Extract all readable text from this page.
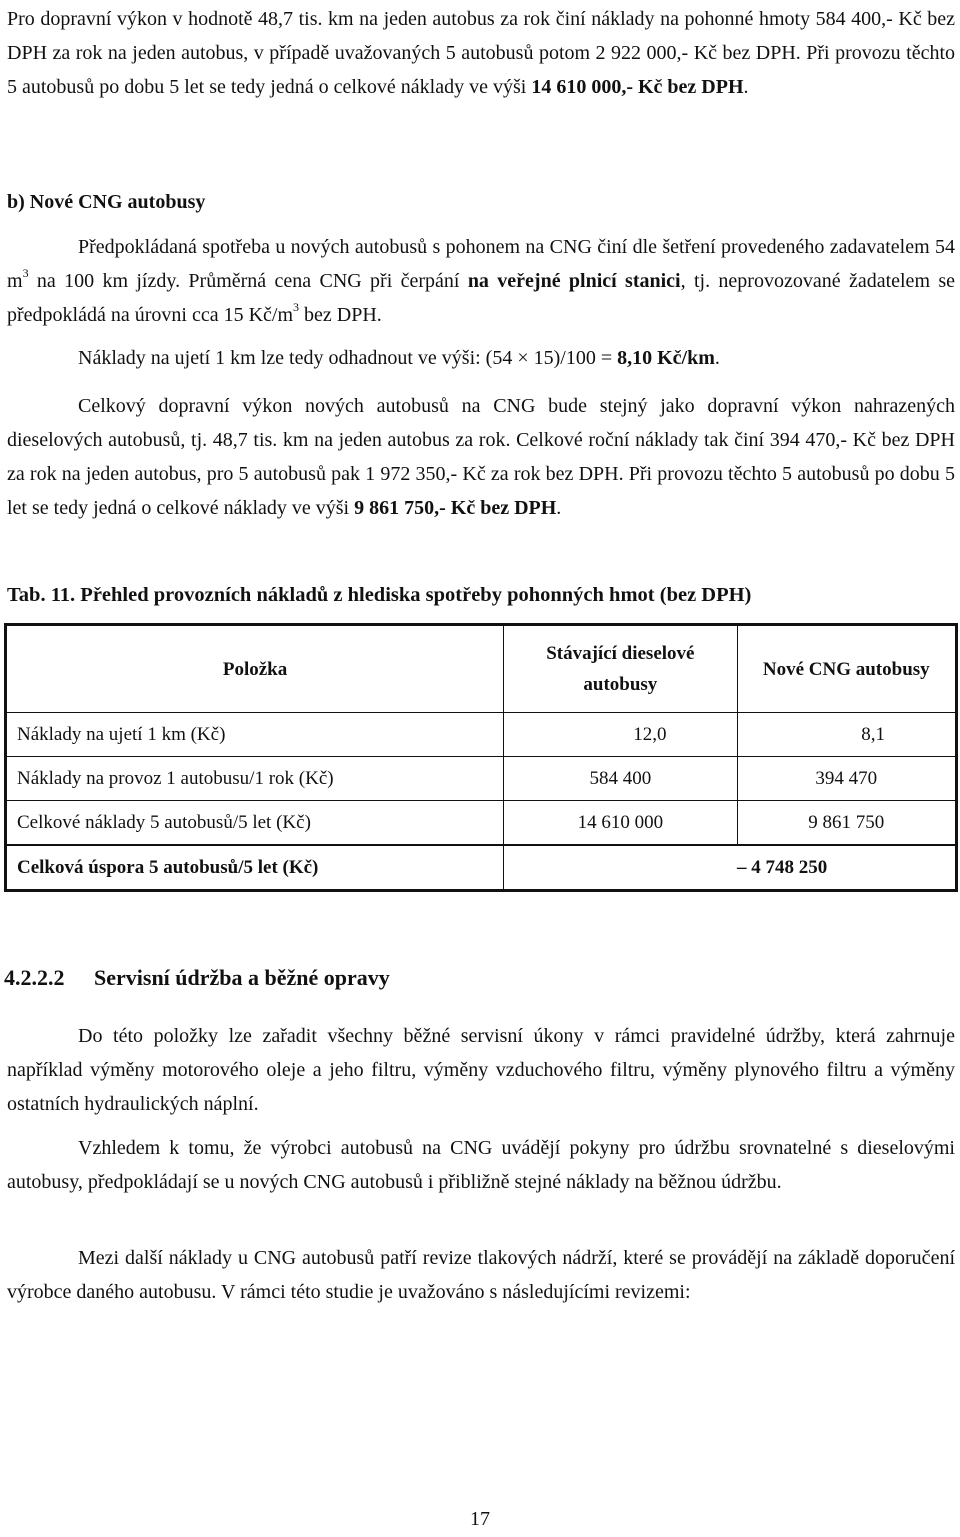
Pro dopravní výkon v hodnotě 48,7 tis. km na jeden autobus za rok činí náklady na pohonné hmoty 584 400,- Kč bez DPH za rok na jeden autobus, v případě uvažovaných 5 autobusů potom 2 922 000,- Kč bez DPH. Při provozu těchto 5 autobusů po dobu 5 let se tedy jedná o celkové náklady ve výši 14 610 000,- Kč bez DPH.

b) Nové CNG autobusy

Předpokládaná spotřeba u nových autobusů s pohonem na CNG činí dle šetření provedeného zadavatelem 54 $m^3$ na 100 km jízdy. Průměrná cena CNG při čerpání na veřejné plnicí stanici, tj. neprovozované žadatelem se předpokládá na úrovni cca 15 $Kč/m^3$ bez DPH.

Náklady na ujetí 1 km lze tedy odhadnout ve výši: (54 × 15)/100 = 8,10 Kč/km.

Celkový dopravní výkon nových autobusů na CNG bude stejný jako dopravní výkon nahrazených dieselových autobusů, tj. 48,7 tis. km na jeden autobus za rok. Celkové roční náklady tak činí 394 470,- Kč bez DPH za rok na jeden autobus, pro 5 autobusů pak 1 972 350,- Kč za rok bez DPH. Při provozu těchto 5 autobusů po dobu 5 let se tedy jedná o celkové náklady ve výši 9 861 750,- Kč bez DPH.

Tab. 11. Přehled provozních nákladů z hlediska spotřeby pohonných hmot (bez DPH)

Položka	Stávající dieselové autobusy	Nové CNG autobusy
Náklady na ujetí 1 km (Kč)	12,0	8,1
Náklady na provoz 1 autobusu/1 rok (Kč)	584 400	394 470
Celkové náklady 5 autobusů/5 let (Kč)	14 610 000	9 861 750
Celková úspora 5 autobusů/5 let (Kč)		– 4 748 250

4.2.2.2 Servisní údržba a běžné opravy

Do této položky lze zařadit všechny běžné servisní úkony v rámci pravidelné údržby, která zahrnuje například výměny motorového oleje a jeho filtru, výměny vzduchového filtru, výměny plynového filtru a výměny ostatních hydraulických náplní.

Vzhledem k tomu, že výrobci autobusů na CNG uvádějí pokyny pro údržbu srovnatelné s dieselovými autobusy, předpokládají se u nových CNG autobusů i přibližně stejné náklady na běžnou údržbu.

Mezi další náklady u CNG autobusů patří revize tlakových nádrží, které se provádějí na základě doporučení výrobce daného autobusu. V rámci této studie je uvažováno s následujícími revizemi:

17
